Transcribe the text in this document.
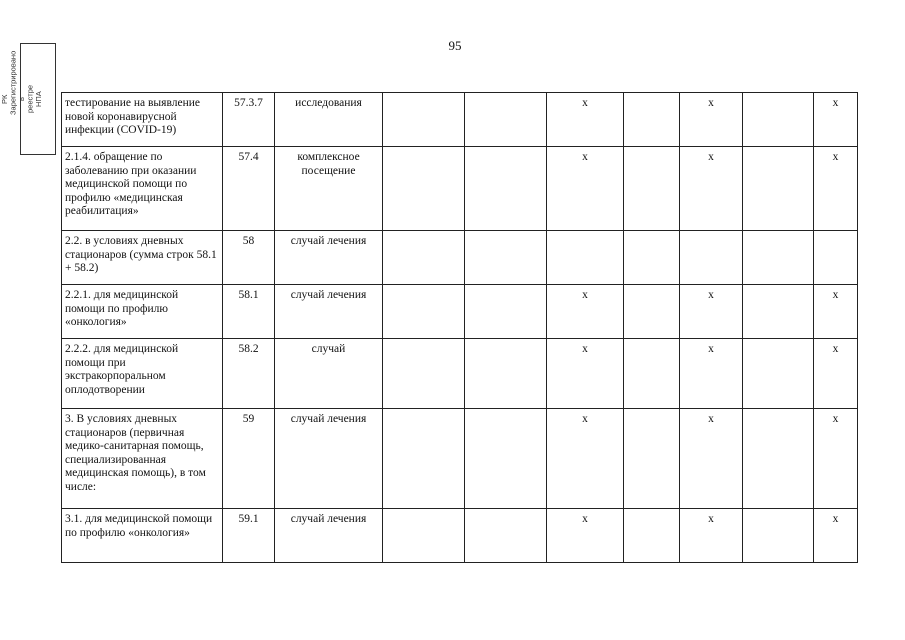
95
РК Зарегистрировано в реестре НПА тестирование на выявление новой коронавирусной инфекции (COVID-19)	57.3.7	исследования			x		x		x
2.1.4. обращение по заболеванию при оказании медицинской помощи по профилю «медицинская реабилитация»	57.4	комплексное посещение			x		x		x
2.2. в условиях дневных стационаров (сумма строк 58.1 + 58.2)	58	случай лечения							
2.2.1. для медицинской помощи по профилю «онкология»	58.1	случай лечения			x		x		x
2.2.2. для медицинской помощи при экстракорпоральном оплодотворении	58.2	случай			x		x		x
3. В условиях дневных стационаров (первичная медико-санитарная помощь, специализированная медицинская помощь), в том числе:	59	случай лечения			x		x		x
3.1. для медицинской помощи по профилю «онкология»	59.1	случай лечения			x		x		x
